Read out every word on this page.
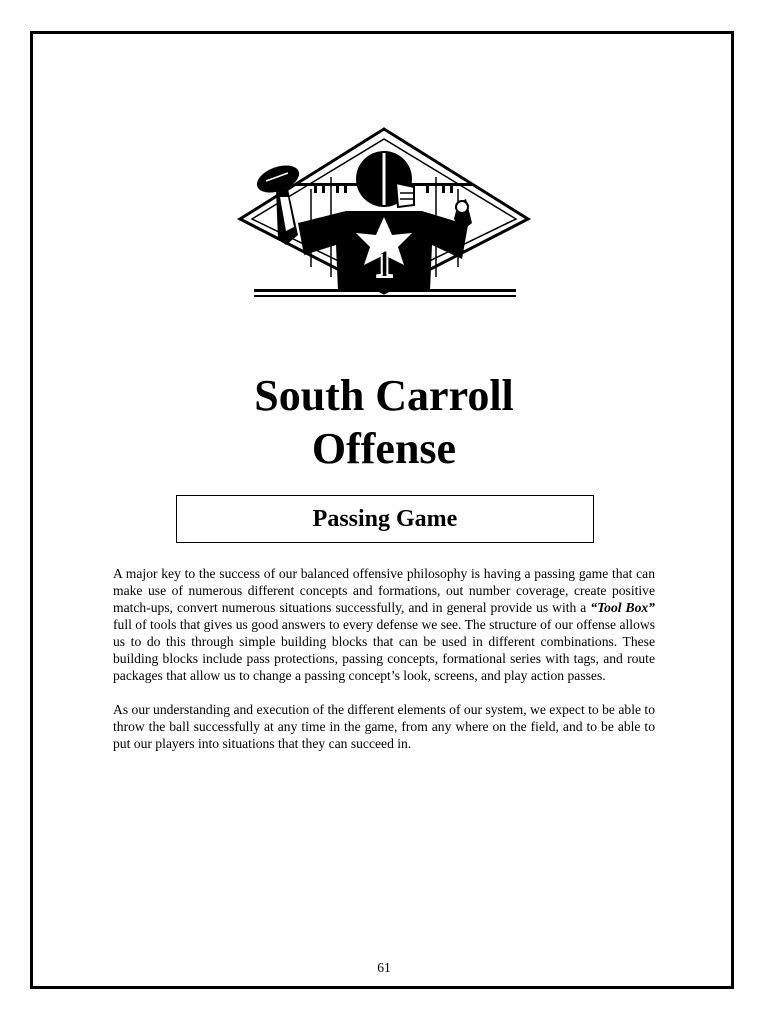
1
South Carroll
Offense
Passing Game

A major key to the success of our balanced offensive philosophy is having a passing game that can make use of numerous different concepts and formations, out number coverage, create positive match-ups, convert numerous situations successfully, and in general provide us with a “Tool Box” full of tools that gives us good answers to every defense we see. The structure of our offense allows us to do this through simple building blocks that can be used in different combinations. These building blocks include pass protections, passing concepts, formational series with tags, and route packages that allow us to change a passing concept’s look, screens, and play action passes.

As our understanding and execution of the different elements of our system, we expect to be able to throw the ball successfully at any time in the game, from any where on the field, and to be able to put our players into situations that they can succeed in.

61
